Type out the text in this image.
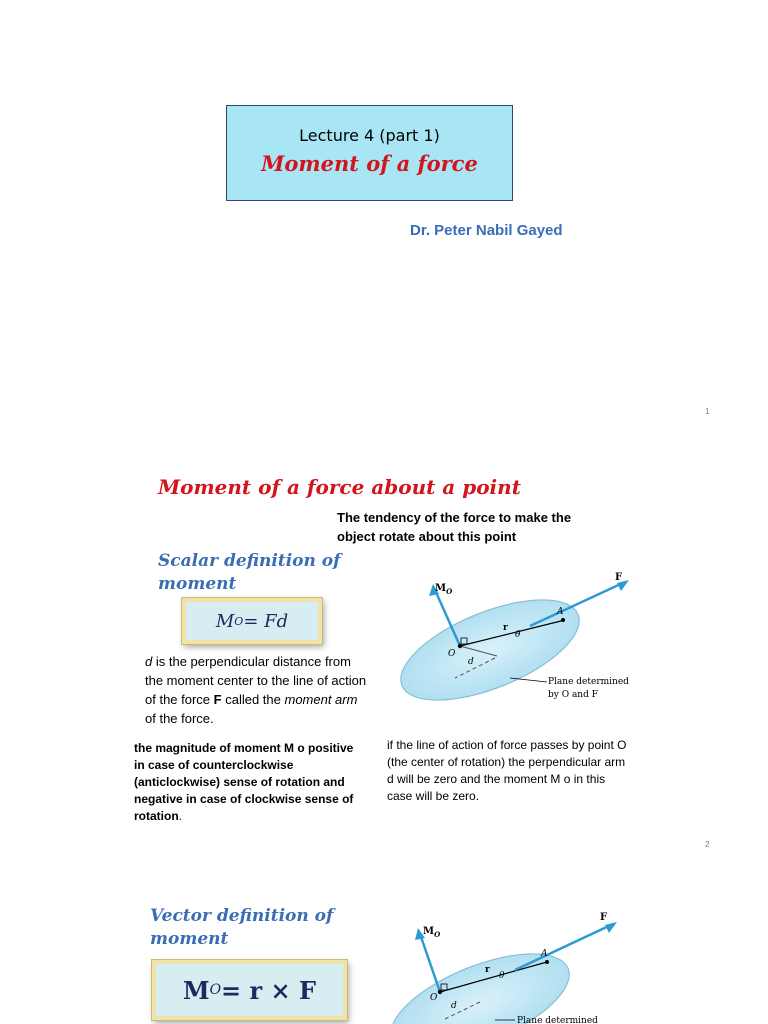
Lecture 4 (part 1)
Moment of a force
Dr. Peter Nabil Gayed
1
Moment of a force about a point
The tendency of the force to make the object rotate about this point
Scalar definition of
moment
M O = Fd
d is the perpendicular distance from the moment center to the line of action of the force F called the moment arm of the force.
the magnitude of moment M o positive in case of counterclockwise (anticlockwise) sense of rotation and negative in case of clockwise sense of rotation.
if the line of action of force passes by point O (the center of rotation) the perpendicular arm d will be zero and the moment M o in this case will be zero.
$M_O$
F
A
r
θ
O
d
Plane determined
by O and F
2
Vector definition of
moment
M O = r × F
$M_O$
F
A
r
θ
O
d
Plane determined
